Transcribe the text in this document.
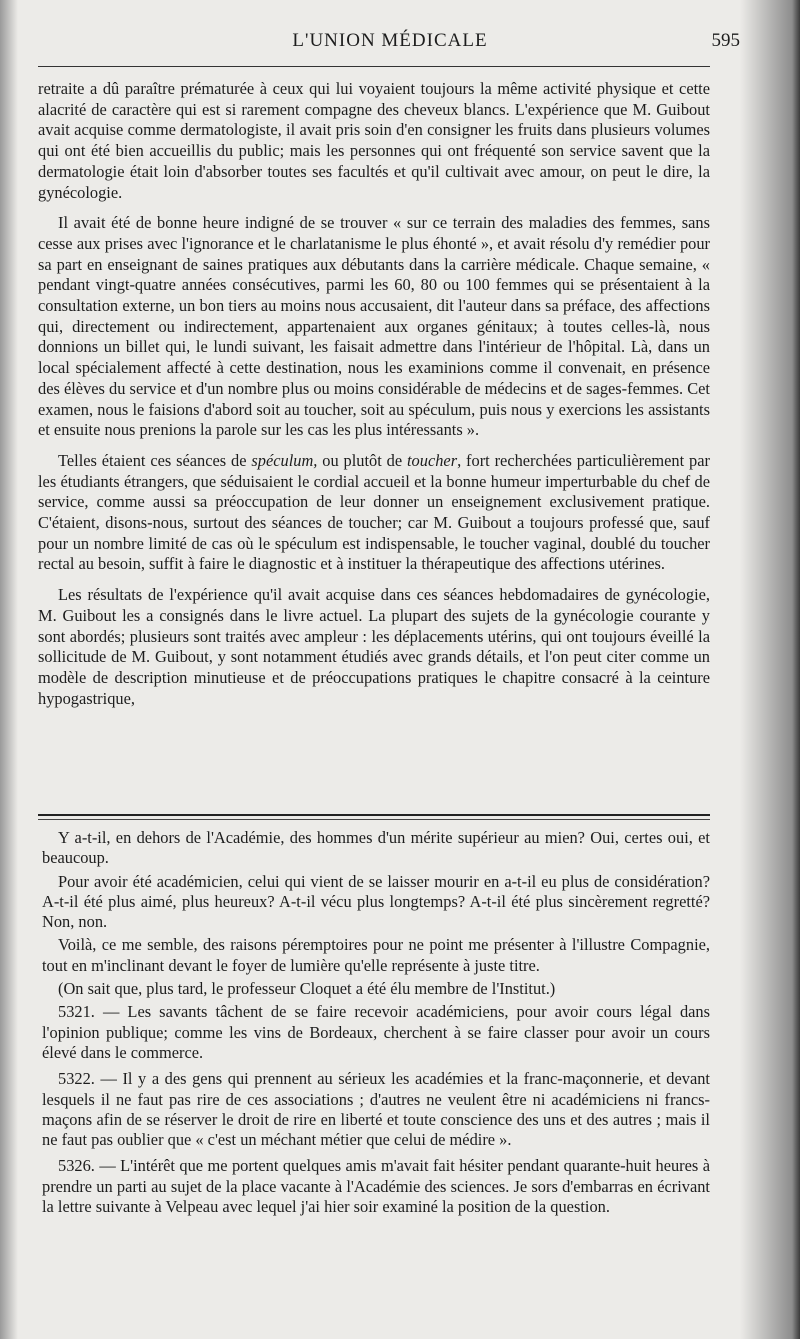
L'UNION MÉDICALE	595

retraite a dû paraître prématurée à ceux qui lui voyaient toujours la même activité physique et cette alacrité de caractère qui est si rarement compagne des cheveux blancs. L'expérience que M. Guibout avait acquise comme dermatologiste, il avait pris soin d'en consigner les fruits dans plusieurs volumes qui ont été bien accueillis du public; mais les personnes qui ont fréquenté son service savent que la dermatologie était loin d'absorber toutes ses facultés et qu'il cultivait avec amour, on peut le dire, la gynécologie.

Il avait été de bonne heure indigné de se trouver « sur ce terrain des maladies des femmes, sans cesse aux prises avec l'ignorance et le charlatanisme le plus éhonté », et avait résolu d'y remédier pour sa part en enseignant de saines pratiques aux débutants dans la carrière médicale. Chaque semaine, « pendant vingt-quatre années consécutives, parmi les 60, 80 ou 100 femmes qui se présentaient à la consultation externe, un bon tiers au moins nous accusaient, dit l'auteur dans sa préface, des affections qui, directement ou indirectement, appartenaient aux organes génitaux; à toutes celles-là, nous donnions un billet qui, le lundi suivant, les faisait admettre dans l'intérieur de l'hôpital. Là, dans un local spécialement affecté à cette destination, nous les examinions comme il convenait, en présence des élèves du service et d'un nombre plus ou moins considérable de médecins et de sages-femmes. Cet examen, nous le faisions d'abord soit au toucher, soit au spéculum, puis nous y exercions les assistants et ensuite nous prenions la parole sur les cas les plus intéressants ».

Telles étaient ces séances de spéculum, ou plutôt de toucher, fort recherchées particulièrement par les étudiants étrangers, que séduisaient le cordial accueil et la bonne humeur imperturbable du chef de service, comme aussi sa préoccupation de leur donner un enseignement exclusivement pratique. C'étaient, disons-nous, surtout des séances de toucher; car M. Guibout a toujours professé que, sauf pour un nombre limité de cas où le spéculum est indispensable, le toucher vaginal, doublé du toucher rectal au besoin, suffit à faire le diagnostic et à instituer la thérapeutique des affections utérines.

Les résultats de l'expérience qu'il avait acquise dans ces séances hebdomadaires de gynécologie, M. Guibout les a consignés dans le livre actuel. La plupart des sujets de la gynécologie courante y sont abordés; plusieurs sont traités avec ampleur : les déplacements utérins, qui ont toujours éveillé la sollicitude de M. Guibout, y sont notamment étudiés avec grands détails, et l'on peut citer comme un modèle de description minutieuse et de préoccupations pratiques le chapitre consacré à la ceinture hypogastrique,

Y a-t-il, en dehors de l'Académie, des hommes d'un mérite supérieur au mien? Oui, certes oui, et beaucoup.

Pour avoir été académicien, celui qui vient de se laisser mourir en a-t-il eu plus de considération? A-t-il été plus aimé, plus heureux? A-t-il vécu plus longtemps? A-t-il été plus sincèrement regretté? Non, non.

Voilà, ce me semble, des raisons péremptoires pour ne point me présenter à l'illustre Compagnie, tout en m'inclinant devant le foyer de lumière qu'elle représente à juste titre.

(On sait que, plus tard, le professeur Cloquet a été élu membre de l'Institut.)

5321. — Les savants tâchent de se faire recevoir académiciens, pour avoir cours légal dans l'opinion publique; comme les vins de Bordeaux, cherchent à se faire classer pour avoir un cours élevé dans le commerce.

5322. — Il y a des gens qui prennent au sérieux les académies et la franc-maçonnerie, et devant lesquels il ne faut pas rire de ces associations ; d'autres ne veulent être ni académiciens ni francs-maçons afin de se réserver le droit de rire en liberté et toute conscience des uns et des autres ; mais il ne faut pas oublier que « c'est un méchant métier que celui de médire ».

5326. — L'intérêt que me portent quelques amis m'avait fait hésiter pendant quarante-huit heures à prendre un parti au sujet de la place vacante à l'Académie des sciences. Je sors d'embarras en écrivant la lettre suivante à Velpeau avec lequel j'ai hier soir examiné la position de la question.
